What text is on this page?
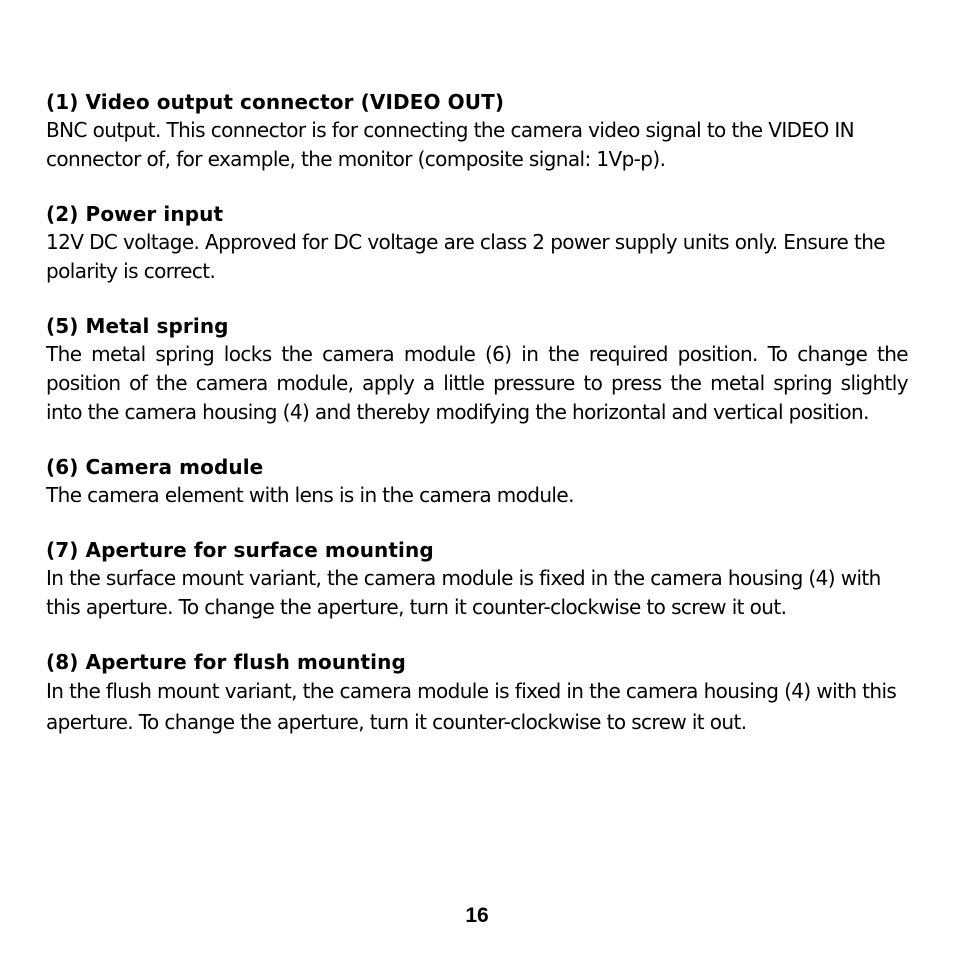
(1) Video output connector (VIDEO OUT)

BNC output. This connector is for connecting the camera video signal to the VIDEO IN connector of, for example, the monitor (composite signal: 1Vp-p).

(2) Power input

12V DC voltage. Approved for DC voltage are class 2 power supply units only. Ensure the polarity is correct.

(5) Metal spring

The metal spring locks the camera module (6) in the required position. To change the position of the camera module, apply a little pressure to press the metal spring slightly into the camera housing (4) and thereby modifying the horizontal and vertical position.

(6) Camera module

The camera element with lens is in the camera module.

(7) Aperture for surface mounting

In the surface mount variant, the camera module is fixed in the camera housing (4) with this aperture. To change the aperture, turn it counter-clockwise to screw it out.

(8) Aperture for flush mounting

In the flush mount variant, the camera module is fixed in the camera housing (4) with this aperture. To change the aperture, turn it counter-clockwise to screw it out.

16
